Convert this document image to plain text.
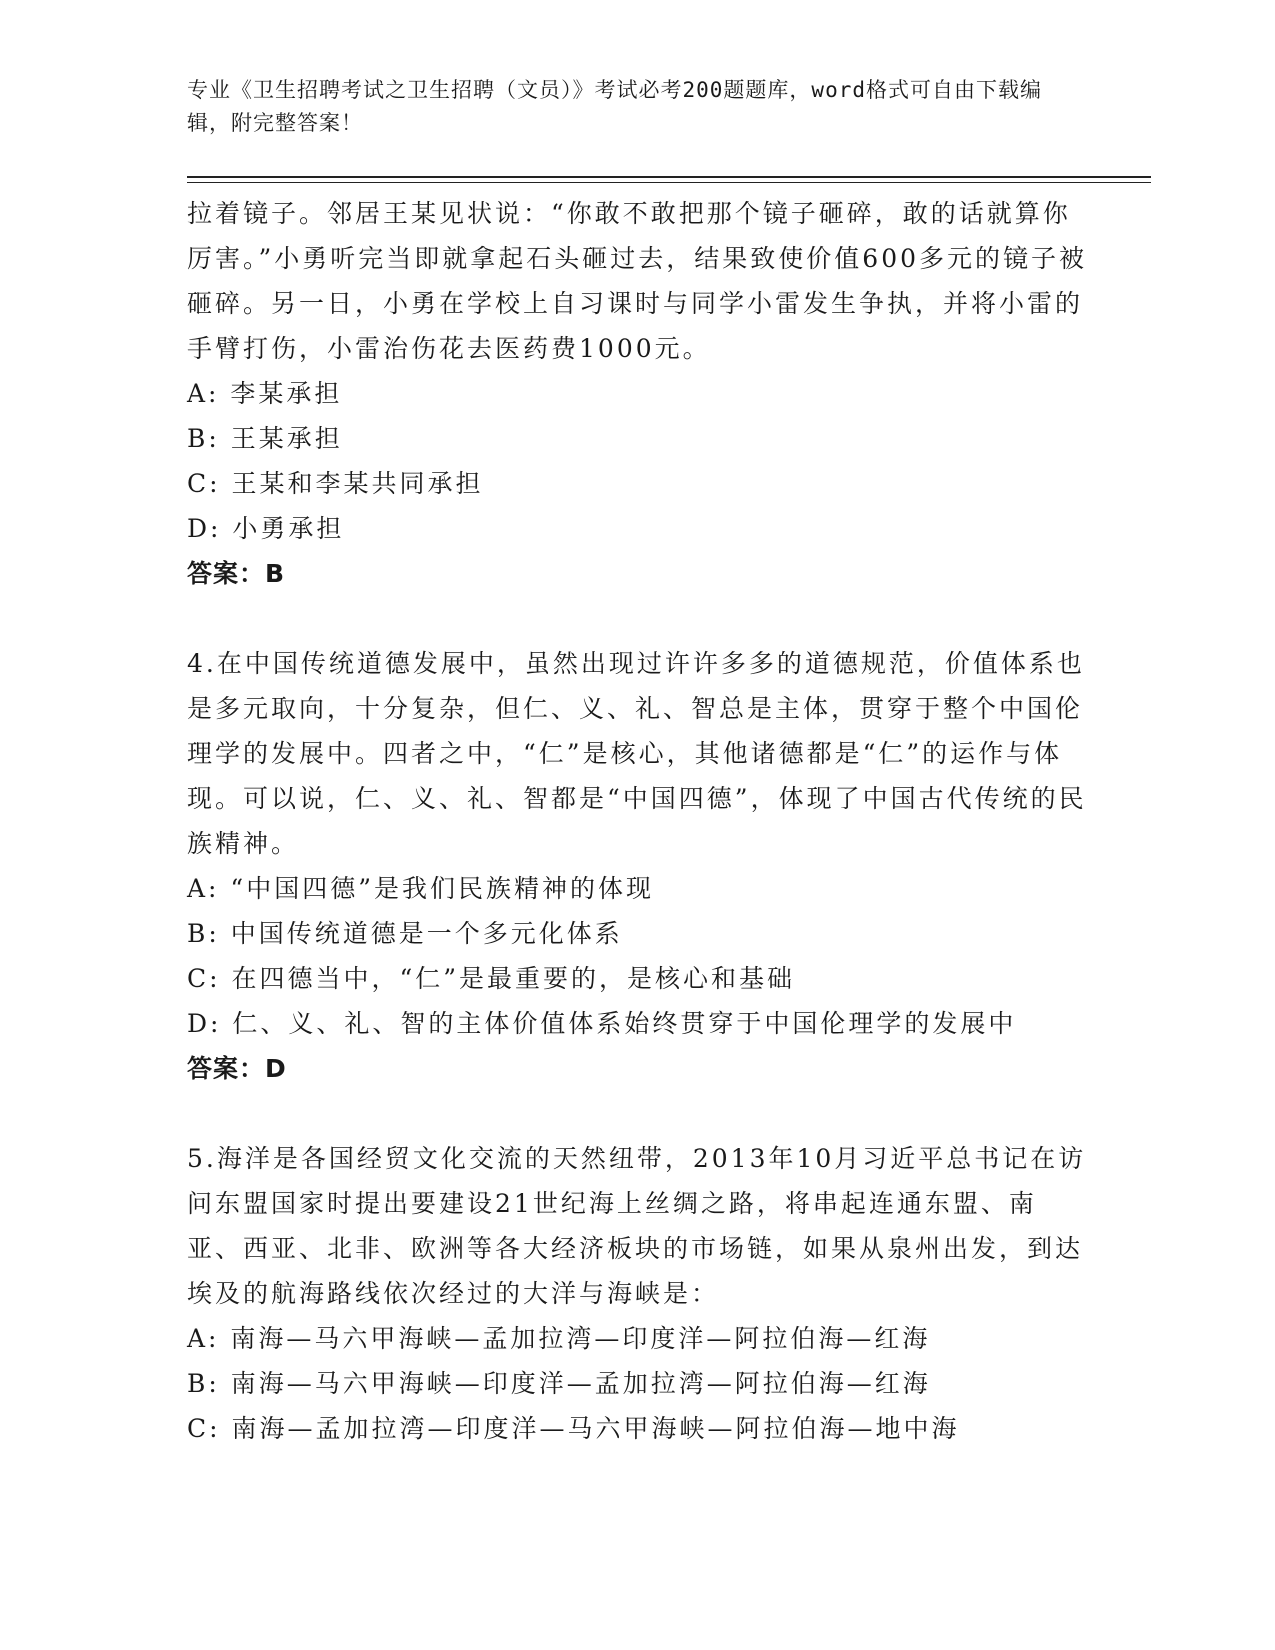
专业《卫生招聘考试之卫生招聘（文员）》考试必考200题题库，word格式可自由下载编辑，附完整答案！

拉着镜子。邻居王某见状说：“你敢不敢把那个镜子砸碎，敢的话就算你厉害。”小勇听完当即就拿起石头砸过去，结果致使价值600多元的镜子被砸碎。另一日，小勇在学校上自习课时与同学小雷发生争执，并将小雷的手臂打伤，小雷治伤花去医药费1000元。

A: 李某承担

B: 王某承担

C: 王某和李某共同承担

D: 小勇承担

答案：B

4.在中国传统道德发展中，虽然出现过许许多多的道德规范，价值体系也是多元取向，十分复杂，但仁、义、礼、智总是主体，贯穿于整个中国伦理学的发展中。四者之中，“仁”是核心，其他诸德都是“仁”的运作与体现。可以说，仁、义、礼、智都是“中国四德”，体现了中国古代传统的民族精神。

A: “中国四德”是我们民族精神的体现

B: 中国传统道德是一个多元化体系

C: 在四德当中，“仁”是最重要的，是核心和基础

D: 仁、义、礼、智的主体价值体系始终贯穿于中国伦理学的发展中

答案：D

5.海洋是各国经贸文化交流的天然纽带，2013年10月习近平总书记在访问东盟国家时提出要建设21世纪海上丝绸之路，将串起连通东盟、南亚、西亚、北非、欧洲等各大经济板块的市场链，如果从泉州出发，到达埃及的航海路线依次经过的大洋与海峡是：

A: 南海—马六甲海峡—孟加拉湾—印度洋—阿拉伯海—红海

B: 南海—马六甲海峡—印度洋—孟加拉湾—阿拉伯海—红海

C: 南海—孟加拉湾—印度洋—马六甲海峡—阿拉伯海—地中海
